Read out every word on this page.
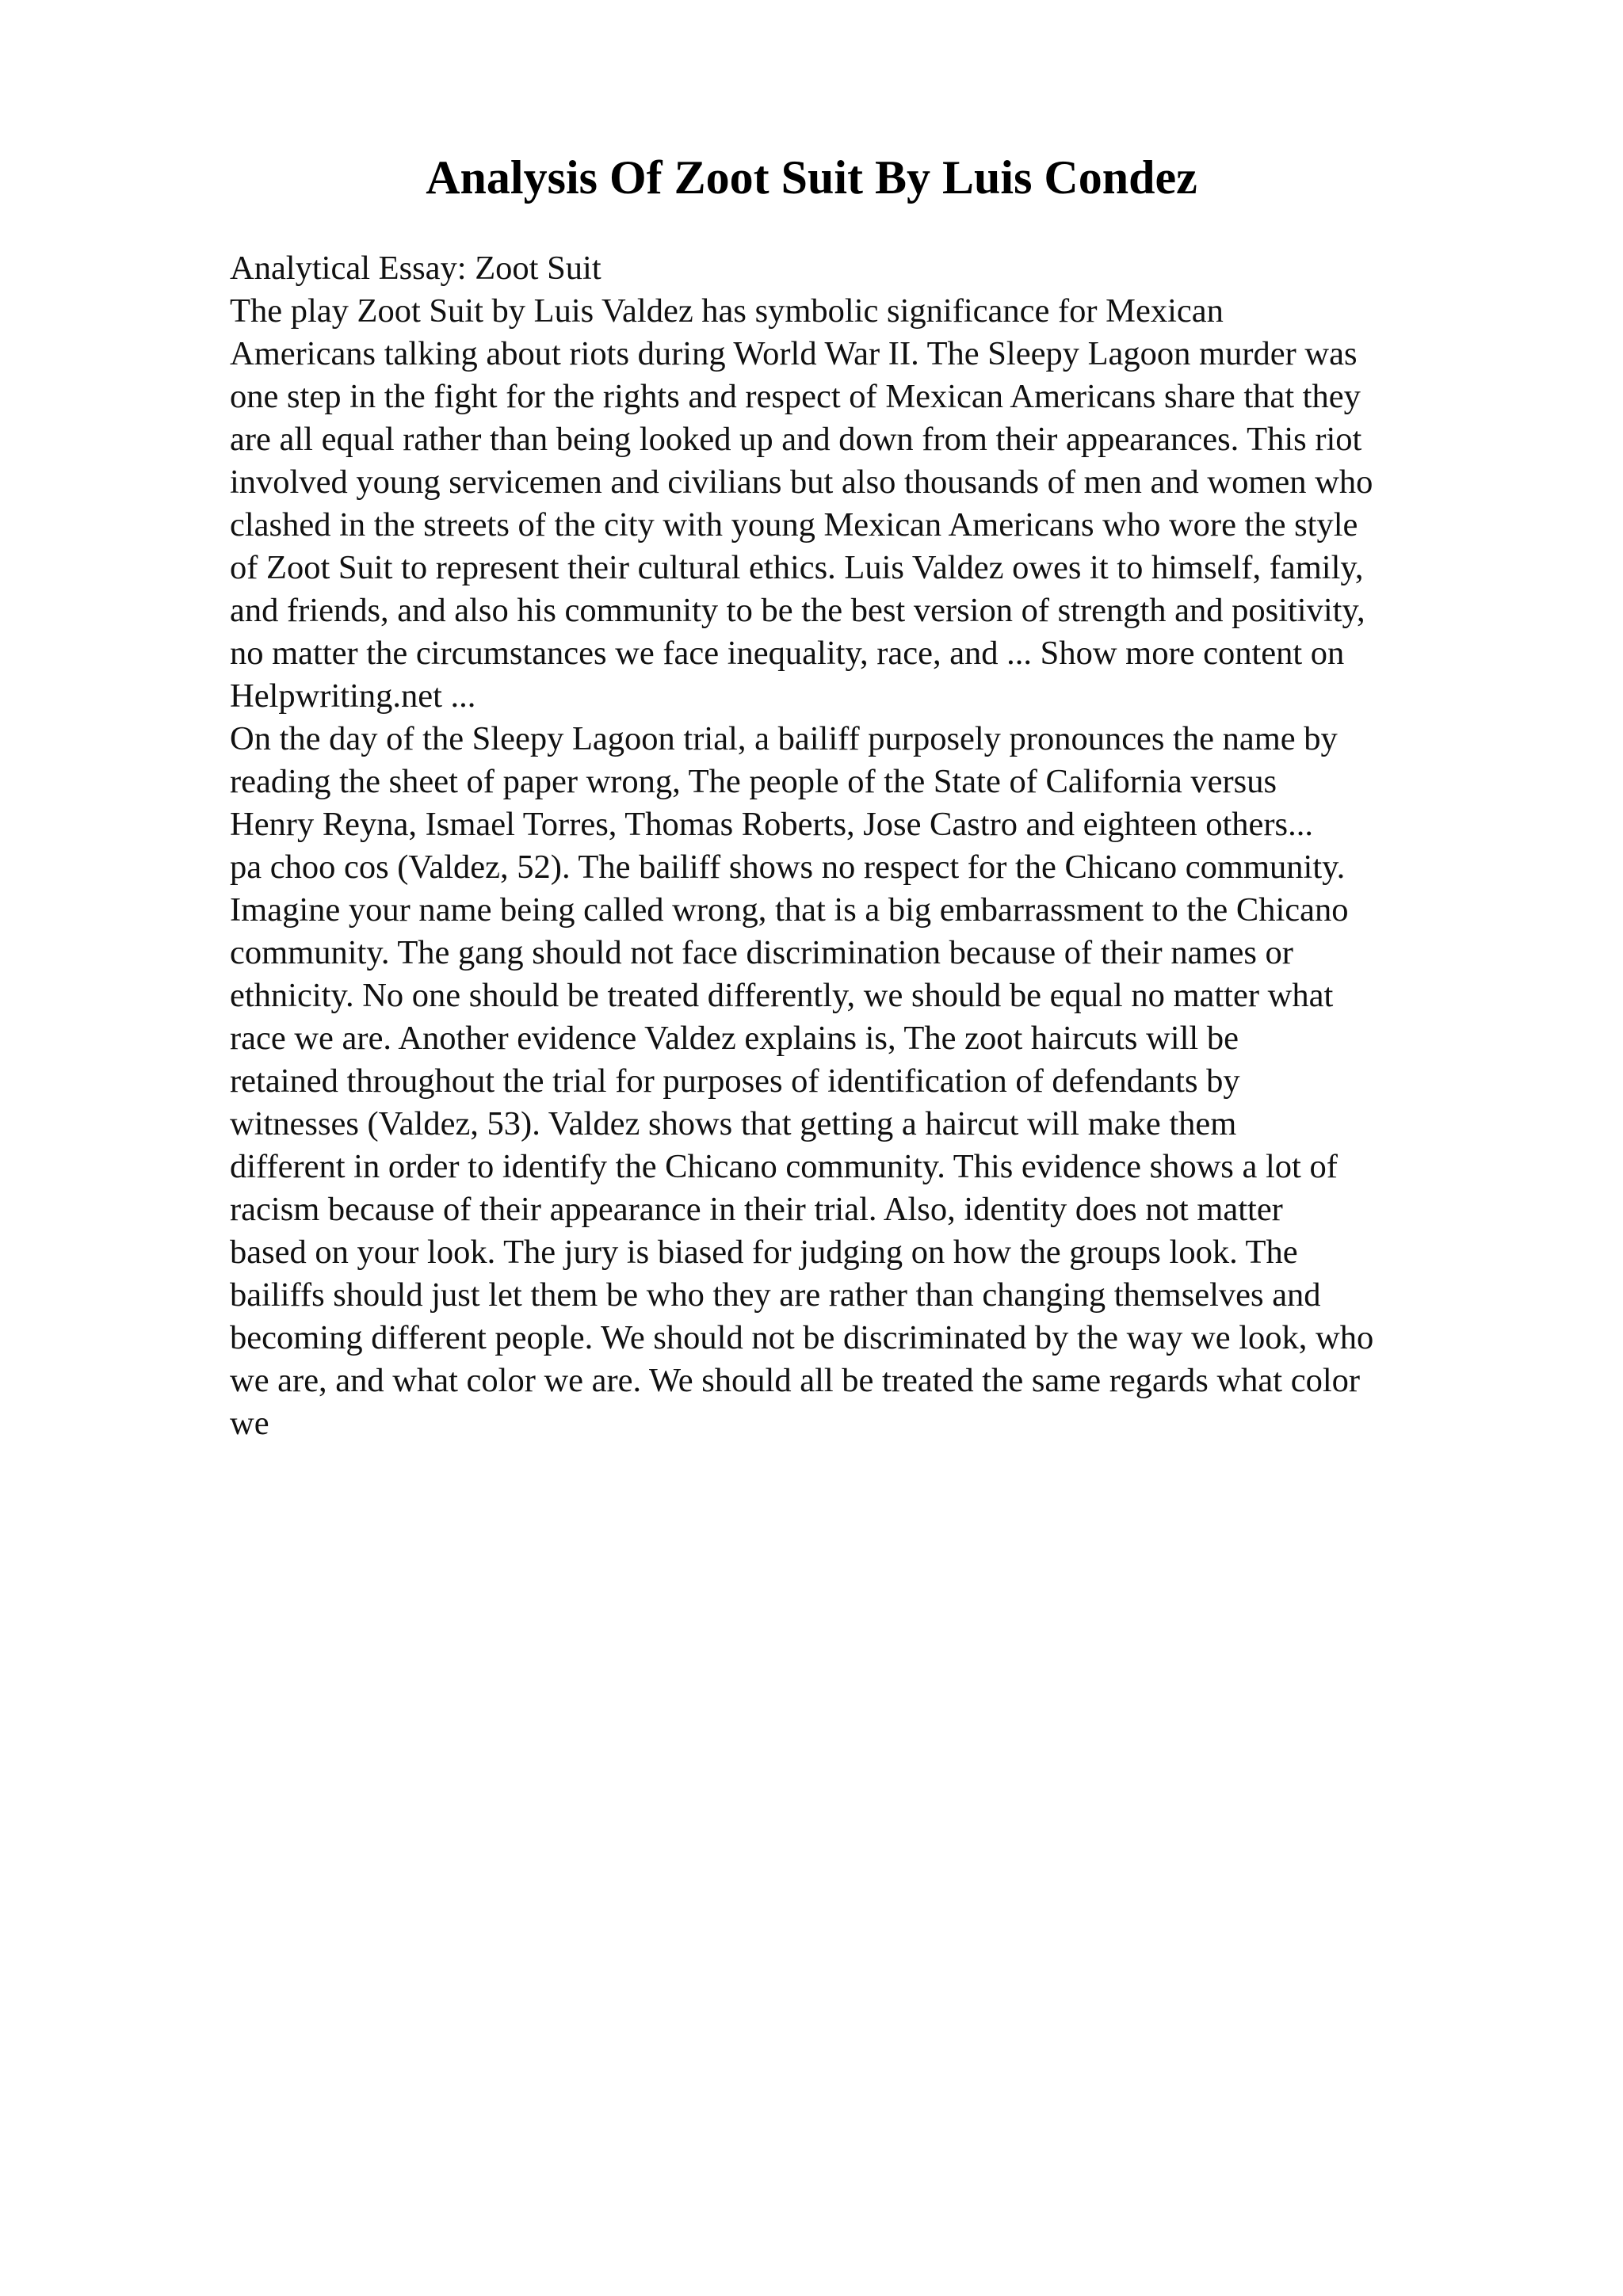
Analysis Of Zoot Suit By Luis Condez
Analytical Essay: Zoot Suit
The play Zoot Suit by Luis Valdez has symbolic significance for Mexican
Americans talking about riots during World War II. The Sleepy Lagoon murder was
one step in the fight for the rights and respect of Mexican Americans share that they
are all equal rather than being looked up and down from their appearances. This riot
involved young servicemen and civilians but also thousands of men and women who
clashed in the streets of the city with young Mexican Americans who wore the style
of Zoot Suit to represent their cultural ethics. Luis Valdez owes it to himself, family,
and friends, and also his community to be the best version of strength and positivity,
no matter the circumstances we face inequality, race, and ... Show more content on
Helpwriting.net ...
On the day of the Sleepy Lagoon trial, a bailiff purposely pronounces the name by
reading the sheet of paper wrong, The people of the State of California versus
Henry Reyna, Ismael Torres, Thomas Roberts, Jose Castro and eighteen others...
pa choo cos (Valdez, 52). The bailiff shows no respect for the Chicano community.
Imagine your name being called wrong, that is a big embarrassment to the Chicano
community. The gang should not face discrimination because of their names or
ethnicity. No one should be treated differently, we should be equal no matter what
race we are. Another evidence Valdez explains is, The zoot haircuts will be
retained throughout the trial for purposes of identification of defendants by
witnesses (Valdez, 53). Valdez shows that getting a haircut will make them
different in order to identify the Chicano community. This evidence shows a lot of
racism because of their appearance in their trial. Also, identity does not matter
based on your look. The jury is biased for judging on how the groups look. The
bailiffs should just let them be who they are rather than changing themselves and
becoming different people. We should not be discriminated by the way we look, who
we are, and what color we are. We should all be treated the same regards what color
we
